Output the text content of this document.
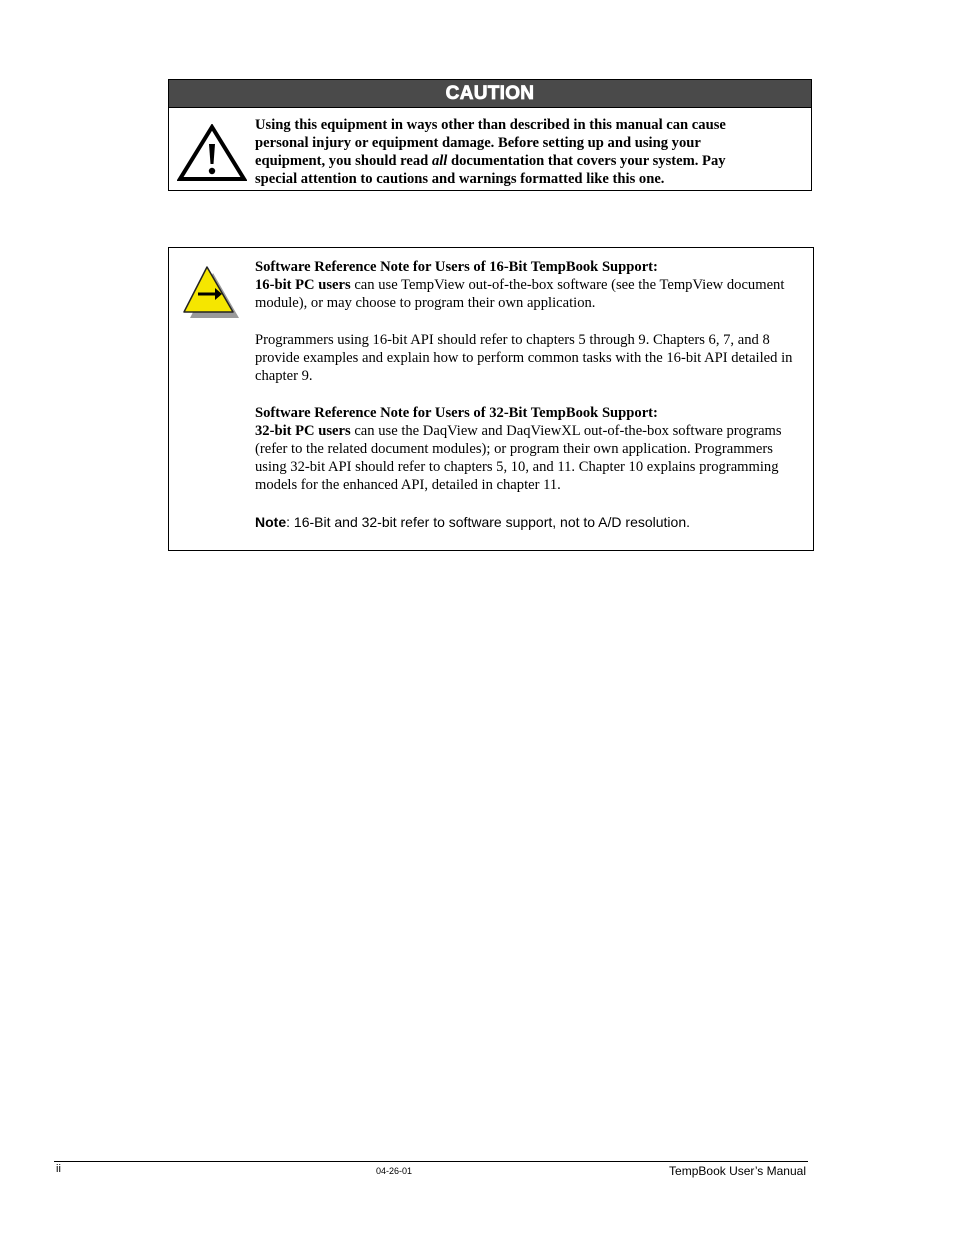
CAUTION
Using this equipment in ways other than described in this manual can cause
personal injury or equipment damage. Before setting up and using your
equipment, you should read all documentation that covers your system. Pay
special attention to cautions and warnings formatted like this one.

Software Reference Note for Users of 16-Bit TempBook Support:

16-bit PC users can use TempView out-of-the-box software (see the TempView document module), or may choose to program their own application.

Programmers using 16-bit API should refer to chapters 5 through 9. Chapters 6, 7, and 8 provide examples and explain how to perform common tasks with the 16-bit API detailed in chapter 9.

Software Reference Note for Users of 32-Bit TempBook Support:

32-bit PC users can use the DaqView and DaqViewXL out-of-the-box software programs (refer to the related document modules); or program their own application. Programmers using 32-bit API should refer to chapters 5, 10, and 11. Chapter 10 explains programming models for the enhanced API, detailed in chapter 11.

Note: 16-Bit and 32-bit refer to software support, not to A/D resolution.

ii	04-26-01	TempBook User’s Manual
